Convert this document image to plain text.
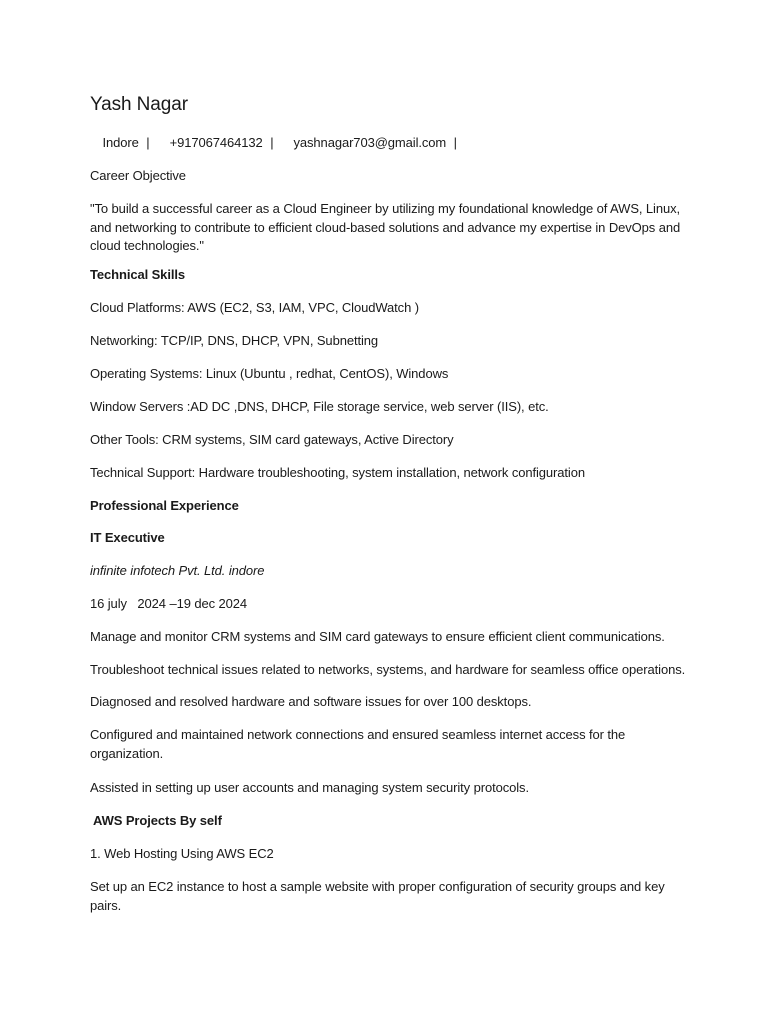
Yash Nagar
Indore | +917067464132 | yashnagar703@gmail.com |
Career Objective
"To build a successful career as a Cloud Engineer by utilizing my foundational knowledge of AWS, Linux, and networking to contribute to efficient cloud-based solutions and advance my expertise in DevOps and cloud technologies."
Technical Skills
Cloud Platforms: AWS (EC2, S3, IAM, VPC, CloudWatch )
Networking: TCP/IP, DNS, DHCP, VPN, Subnetting
Operating Systems: Linux (Ubuntu , redhat, CentOS), Windows
Window Servers :AD DC ,DNS, DHCP, File storage service, web server (IIS), etc.
Other Tools: CRM systems, SIM card gateways, Active Directory
Technical Support: Hardware troubleshooting, system installation, network configuration
Professional Experience
IT Executive
infinite infotech Pvt. Ltd. indore
16 july   2024 –19 dec 2024
Manage and monitor CRM systems and SIM card gateways to ensure efficient client communications.
Troubleshoot technical issues related to networks, systems, and hardware for seamless office operations.
Diagnosed and resolved hardware and software issues for over 100 desktops.
Configured and maintained network connections and ensured seamless internet access for the organization.
Assisted in setting up user accounts and managing system security protocols.
AWS Projects By self
1. Web Hosting Using AWS EC2
Set up an EC2 instance to host a sample website with proper configuration of security groups and key pairs.
